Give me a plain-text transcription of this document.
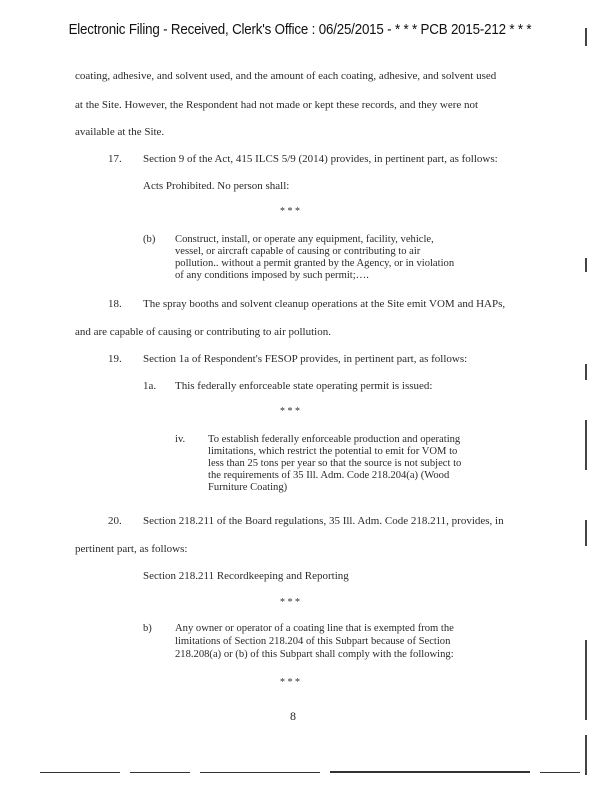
Electronic Filing - Received, Clerk's Office : 06/25/2015 - * * * PCB 2015-212 * * *
coating, adhesive, and solvent used, and the amount of each coating, adhesive, and solvent used
at the Site. However, the Respondent had not made or kept these records, and they were not
available at the Site.
17. Section 9 of the Act, 415 ILCS 5/9 (2014) provides, in pertinent part, as follows:
Acts Prohibited. No person shall:
* * *
(b) Construct, install, or operate any equipment, facility, vehicle,
vessel, or aircraft capable of causing or contributing to air
pollution.. without a permit granted by the Agency, or in violation
of any conditions imposed by such permit;….
18. The spray booths and solvent cleanup operations at the Site emit VOM and HAPs,
and are capable of causing or contributing to air pollution.
19. Section 1a of Respondent's FESOP provides, in pertinent part, as follows:
1a. This federally enforceable state operating permit is issued:
* * *
iv. To establish federally enforceable production and operating
limitations, which restrict the potential to emit for VOM to
less than 25 tons per year so that the source is not subject to
the requirements of 35 Ill. Adm. Code 218.204(a) (Wood
Furniture Coating)
20. Section 218.211 of the Board regulations, 35 Ill. Adm. Code 218.211, provides, in
pertinent part, as follows:
Section 218.211 Recordkeeping and Reporting
* * *
b) Any owner or operator of a coating line that is exempted from the
limitations of Section 218.204 of this Subpart because of Section
218.208(a) or (b) of this Subpart shall comply with the following:
* * *
8
